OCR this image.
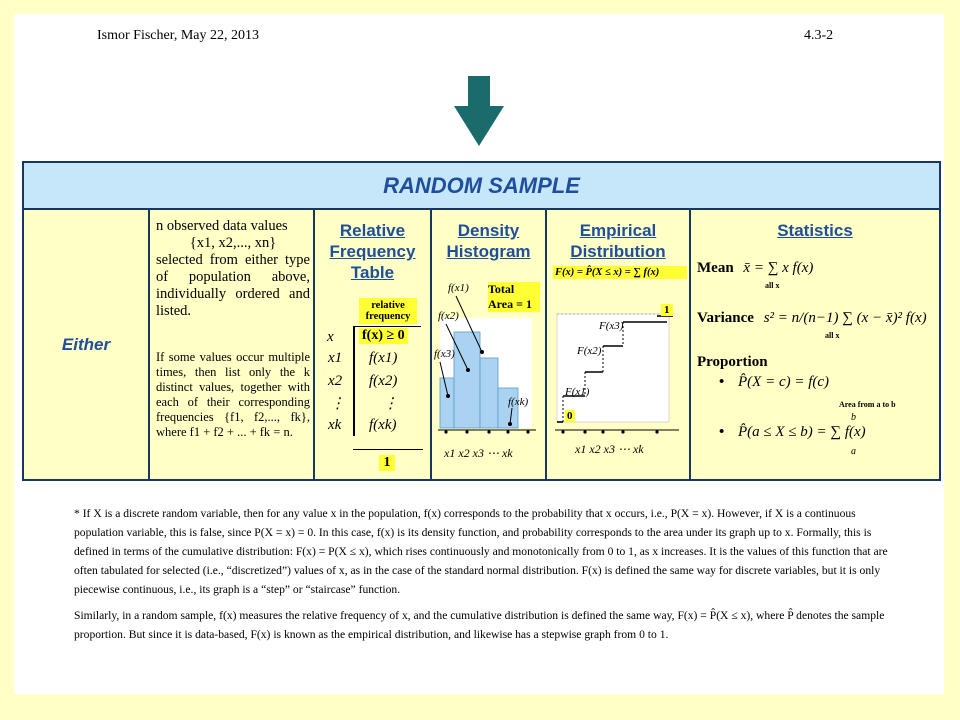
Ismor Fischer, May 22, 2013	4.3-2
RANDOM SAMPLE
Either
n observed data values

{x1, x2,..., xn}
selected from either type of population above, individually ordered and listed.
If some values occur multiple times, then list only the k distinct values, together with each of their corresponding frequencies {f1, f2,..., fk}, where f1 + f2 + ... + fk = n.
Relative Frequency Table
relative frequency
x f(x) ≥ 0
x1
x2
⋮
xk
f(x1)
f(x2)
⋮
f(xk)
1
Density Histogram
f(x1)
f(x2)
f(x3)
f(xk)
Total Area = 1
x1 x2 x3 ⋯ xk
Empirical Distribution
F(x) = P̂(X ≤ x) = ∑ f(x)
1
F(x3)
F(x2)
F(x1)
0
x1 x2 x3 ⋯ xk
Statistics
Mean x̄ = ∑ x f(x)
all x
Variance s² = n/(n−1) ∑ (x − x̄)² f(x)
all x
Proportion
• P̂(X = c) = f(c)
Area from a to b
b
• P̂(a ≤ X ≤ b) = ∑ f(x)
a

* If X is a discrete random variable, then for any value x in the population, f(x) corresponds to the probability that x occurs, i.e., P(X = x). However, if X is a continuous population variable, this is false, since P(X = x) = 0. In this case, f(x) is its density function, and probability corresponds to the area under its graph up to x. Formally, this is defined in terms of the cumulative distribution: F(x) = P(X ≤ x), which rises continuously and monotonically from 0 to 1, as x increases. It is the values of this function that are often tabulated for selected (i.e., “discretized”) values of x, as in the case of the standard normal distribution. F(x) is defined the same way for discrete variables, but it is only piecewise continuous, i.e., its graph is a “step” or “staircase” function.

Similarly, in a random sample, f(x) measures the relative frequency of x, and the cumulative distribution is defined the same way, F(x) = P̂(X ≤ x), where P̂ denotes the sample proportion. But since it is data-based, F(x) is known as the empirical distribution, and likewise has a stepwise graph from 0 to 1.
